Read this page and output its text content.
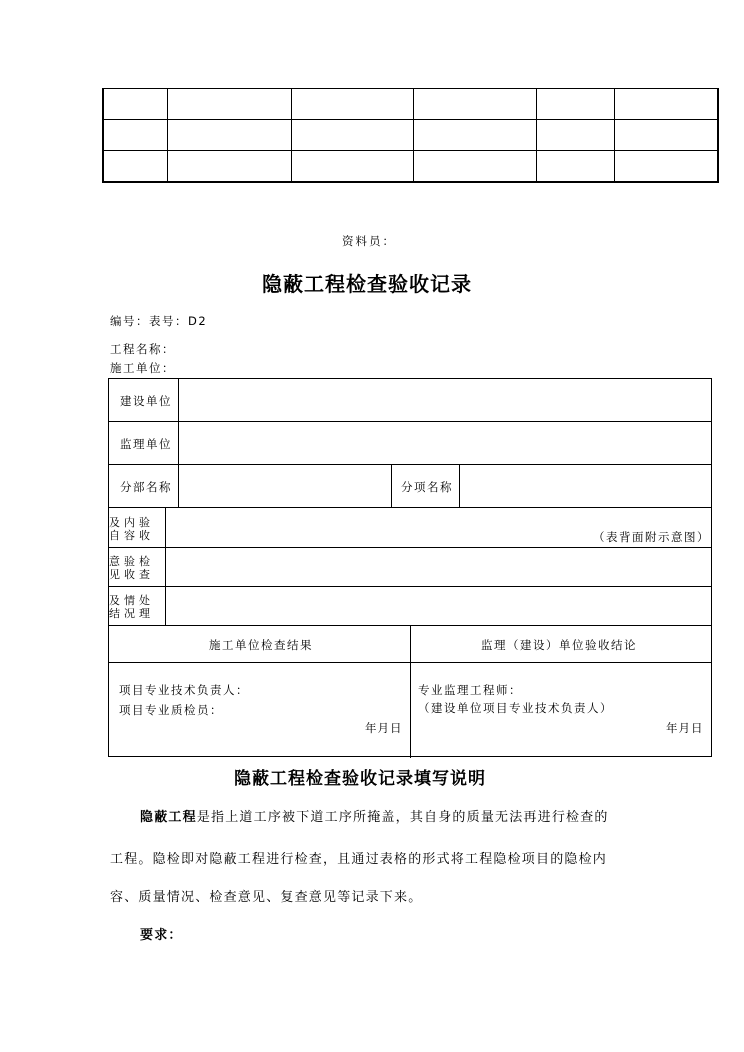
资料员：
隐蔽工程检查验收记录
编号：表号：D2
工程名称：
施工单位：
建设单位
监理单位
分部名称	分项名称
及内验
自容收	（表背面附示意图）
意验检
见收查
及情处
结况理
施工单位检查结果	监理（建设）单位验收结论
项目专业技术负责人：
项目专业质检员：
年月日
专业监理工程师：
（建设单位项目专业技术负责人）
年月日
隐蔽工程检查验收记录填写说明
隐蔽工程是指上道工序被下道工序所掩盖，其自身的质量无法再进行检查的
工程。隐检即对隐蔽工程进行检查，且通过表格的形式将工程隐检项目的隐检内
容、质量情况、检查意见、复查意见等记录下来。
要求：
